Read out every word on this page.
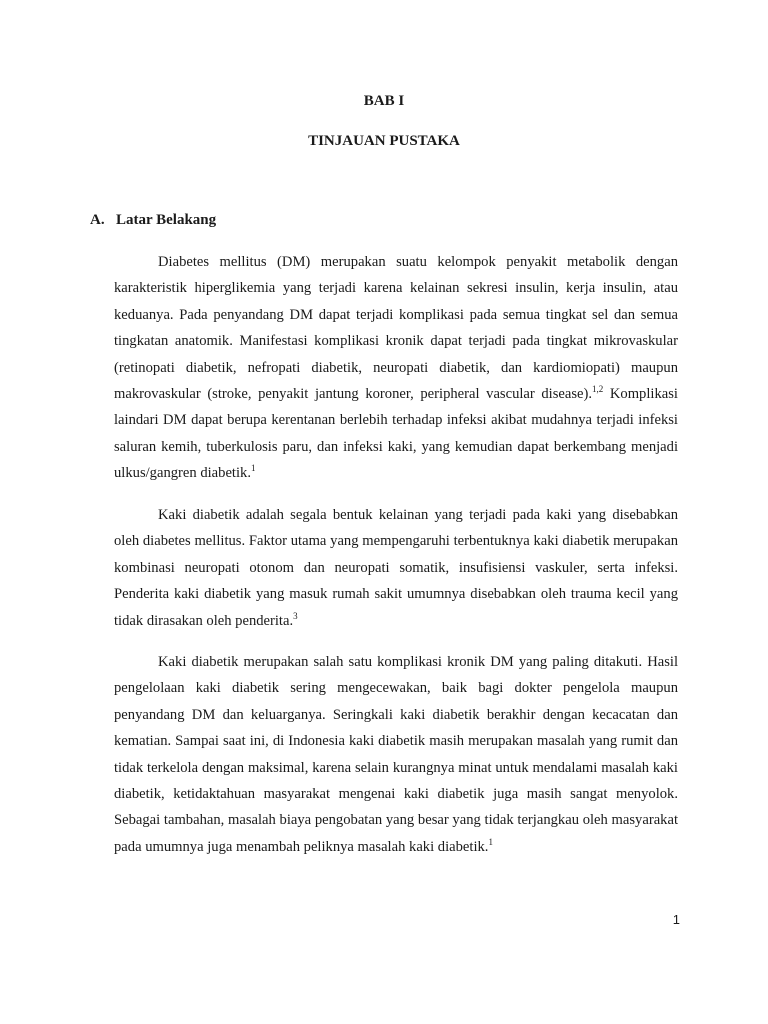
BAB I
TINJAUAN PUSTAKA
A. Latar Belakang

Diabetes mellitus (DM) merupakan suatu kelompok penyakit metabolik dengan karakteristik hiperglikemia yang terjadi karena kelainan sekresi insulin, kerja insulin, atau keduanya. Pada penyandang DM dapat terjadi komplikasi pada semua tingkat sel dan semua tingkatan anatomik. Manifestasi komplikasi kronik dapat terjadi pada tingkat mikrovaskular (retinopati diabetik, nefropati diabetik, neuropati diabetik, dan kardiomiopati) maupun makrovaskular (stroke, penyakit jantung koroner, peripheral vascular disease).$^{1,2}$ Komplikasi laindari DM dapat berupa kerentanan berlebih terhadap infeksi akibat mudahnya terjadi infeksi saluran kemih, tuberkulosis paru, dan infeksi kaki, yang kemudian dapat berkembang menjadi ulkus/gangren diabetik.$^1$

Kaki diabetik adalah segala bentuk kelainan yang terjadi pada kaki yang disebabkan oleh diabetes mellitus. Faktor utama yang mempengaruhi terbentuknya kaki diabetik merupakan kombinasi neuropati otonom dan neuropati somatik, insufisiensi vaskuler, serta infeksi. Penderita kaki diabetik yang masuk rumah sakit umumnya disebabkan oleh trauma kecil yang tidak dirasakan oleh penderita.$^3$

Kaki diabetik merupakan salah satu komplikasi kronik DM yang paling ditakuti. Hasil pengelolaan kaki diabetik sering mengecewakan, baik bagi dokter pengelola maupun penyandang DM dan keluarganya. Seringkali kaki diabetik berakhir dengan kecacatan dan kematian. Sampai saat ini, di Indonesia kaki diabetik masih merupakan masalah yang rumit dan tidak terkelola dengan maksimal, karena selain kurangnya minat untuk mendalami masalah kaki diabetik, ketidaktahuan masyarakat mengenai kaki diabetik juga masih sangat menyolok. Sebagai tambahan, masalah biaya pengobatan yang besar yang tidak terjangkau oleh masyarakat pada umumnya juga menambah peliknya masalah kaki diabetik.$^1$

1
